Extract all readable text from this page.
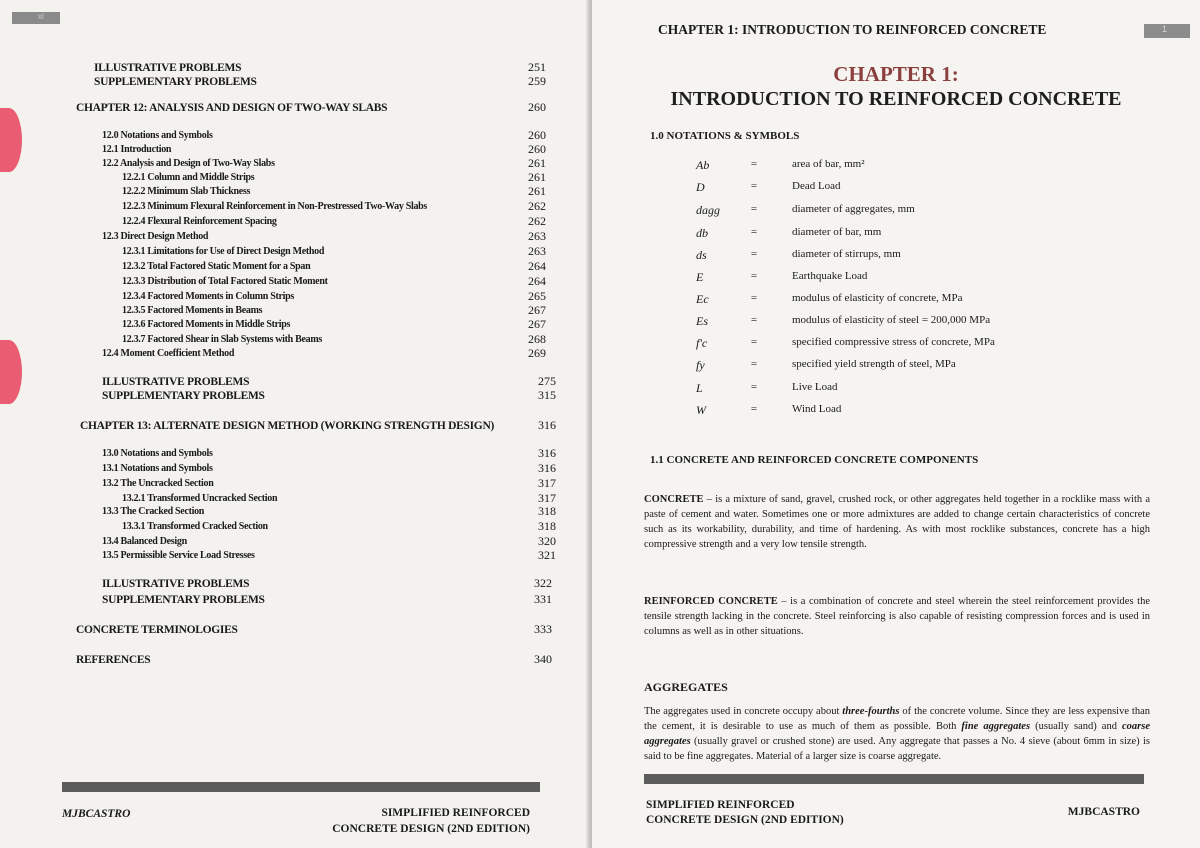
xl
ILLUSTRATIVE PROBLEMS	251
SUPPLEMENTARY PROBLEMS	259
CHAPTER 12: ANALYSIS AND DESIGN OF TWO-WAY SLABS	260
12.0 Notations and Symbols	260
12.1 Introduction	260
12.2 Analysis and Design of Two-Way Slabs	261
12.2.1 Column and Middle Strips	261
12.2.2 Minimum Slab Thickness	261
12.2.3 Minimum Flexural Reinforcement in Non-Prestressed Two-Way Slabs	262
12.2.4 Flexural Reinforcement Spacing	262
12.3 Direct Design Method	263
12.3.1 Limitations for Use of Direct Design Method	263
12.3.2 Total Factored Static Moment for a Span	264
12.3.3 Distribution of Total Factored Static Moment	264
12.3.4 Factored Moments in Column Strips	265
12.3.5 Factored Moments in Beams	267
12.3.6 Factored Moments in Middle Strips	267
12.3.7 Factored Shear in Slab Systems with Beams	268
12.4 Moment Coefficient Method	269
ILLUSTRATIVE PROBLEMS	275
SUPPLEMENTARY PROBLEMS	315
CHAPTER 13: ALTERNATE DESIGN METHOD (WORKING STRENGTH DESIGN)	316
13.0 Notations and Symbols	316
13.1 Notations and Symbols	316
13.2 The Uncracked Section	317
13.2.1 Transformed Uncracked Section	317
13.3 The Cracked Section	318
13.3.1 Transformed Cracked Section	318
13.4 Balanced Design	320
13.5 Permissible Service Load Stresses	321
ILLUSTRATIVE PROBLEMS	322
SUPPLEMENTARY PROBLEMS	331
CONCRETE TERMINOLOGIES	333
REFERENCES	340
MJBCASTRO	SIMPLIFIED REINFORCED
CONCRETE DESIGN (2ND EDITION)
CHAPTER 1: INTRODUCTION TO REINFORCED CONCRETE	1
CHAPTER 1:
INTRODUCTION TO REINFORCED CONCRETE
1.0 NOTATIONS & SYMBOLS
Ab	=	area of bar, mm²
D	=	Dead Load
dagg	=	diameter of aggregates, mm
db	=	diameter of bar, mm
ds	=	diameter of stirrups, mm
E	=	Earthquake Load
Ec	=	modulus of elasticity of concrete, MPa
Es	=	modulus of elasticity of steel = 200,000 MPa
f'c	=	specified compressive stress of concrete, MPa
fy	=	specified yield strength of steel, MPa
L	=	Live Load
W	=	Wind Load
1.1 CONCRETE AND REINFORCED CONCRETE COMPONENTS
CONCRETE – is a mixture of sand, gravel, crushed rock, or other aggregates held together in a rocklike mass with a paste of cement and water. Sometimes one or more admixtures are added to change certain characteristics of concrete such as its workability, durability, and time of hardening. As with most rocklike substances, concrete has a high compressive strength and a very low tensile strength.
REINFORCED CONCRETE – is a combination of concrete and steel wherein the steel reinforcement provides the tensile strength lacking in the concrete. Steel reinforcing is also capable of resisting compression forces and is used in columns as well as in other situations.
AGGREGATES
The aggregates used in concrete occupy about three-fourths of the concrete volume. Since they are less expensive than the cement, it is desirable to use as much of them as possible. Both fine aggregates (usually sand) and coarse aggregates (usually gravel or crushed stone) are used. Any aggregate that passes a No. 4 sieve (about 6mm in size) is said to be fine aggregates. Material of a larger size is coarse aggregate.
SIMPLIFIED REINFORCED
CONCRETE DESIGN (2ND EDITION)
MJBCASTRO
